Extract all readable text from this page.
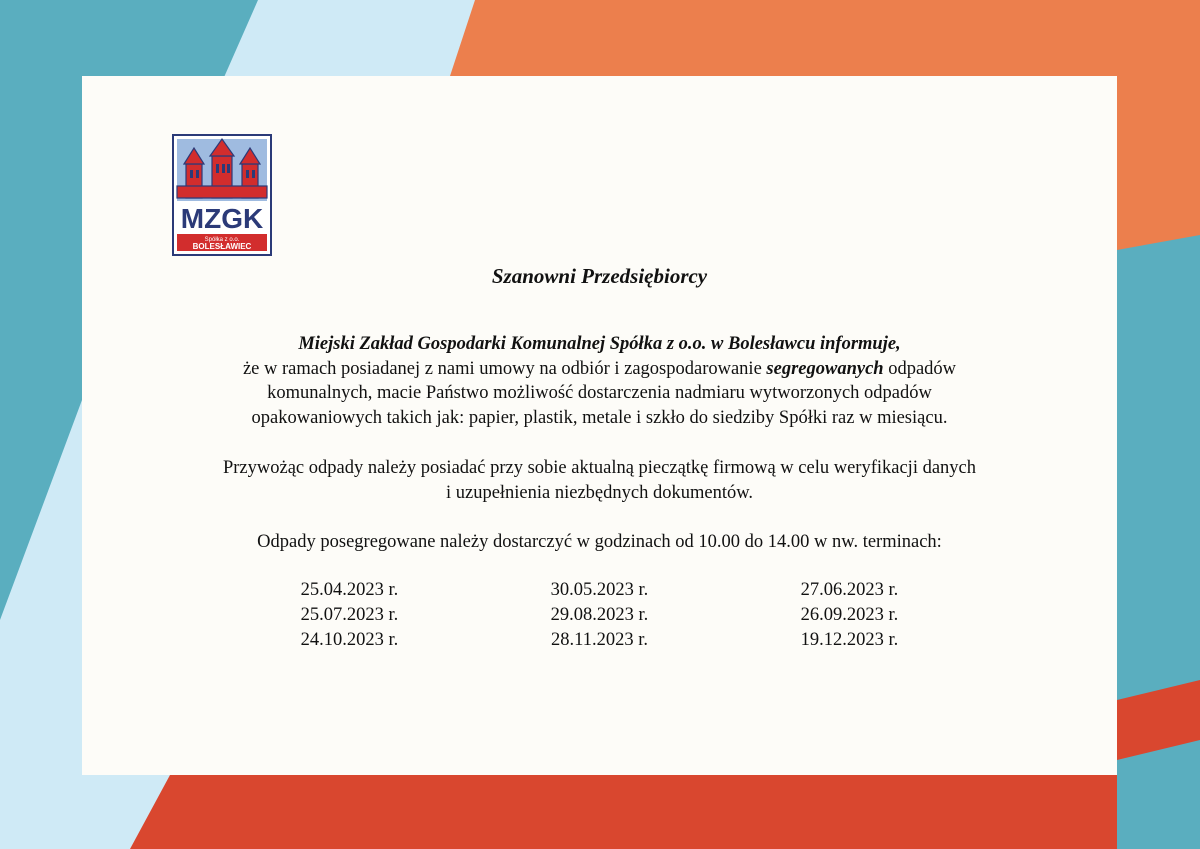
MZGK
Spółka z o.o.
BOLESŁAWIEC
Szanowni Przedsiębiorcy
Miejski Zakład Gospodarki Komunalnej Spółka z o.o. w Bolesławcu informuje,
że w ramach posiadanej z nami umowy na odbiór i zagospodarowanie segregowanych odpadów
komunalnych, macie Państwo możliwość dostarczenia nadmiaru wytworzonych odpadów
opakowaniowych takich jak: papier, plastik, metale i szkło do siedziby Spółki raz w miesiącu.
Przywożąc odpady należy posiadać przy sobie aktualną pieczątkę firmową w celu weryfikacji danych
i uzupełnienia niezbędnych dokumentów.
Odpady posegregowane należy dostarczyć w godzinach od 10.00 do 14.00 w nw. terminach:
25.04.2023 r.	30.05.2023 r.	27.06.2023 r.
25.07.2023 r.	29.08.2023 r.	26.09.2023 r.
24.10.2023 r.	28.11.2023 r.	19.12.2023 r.
